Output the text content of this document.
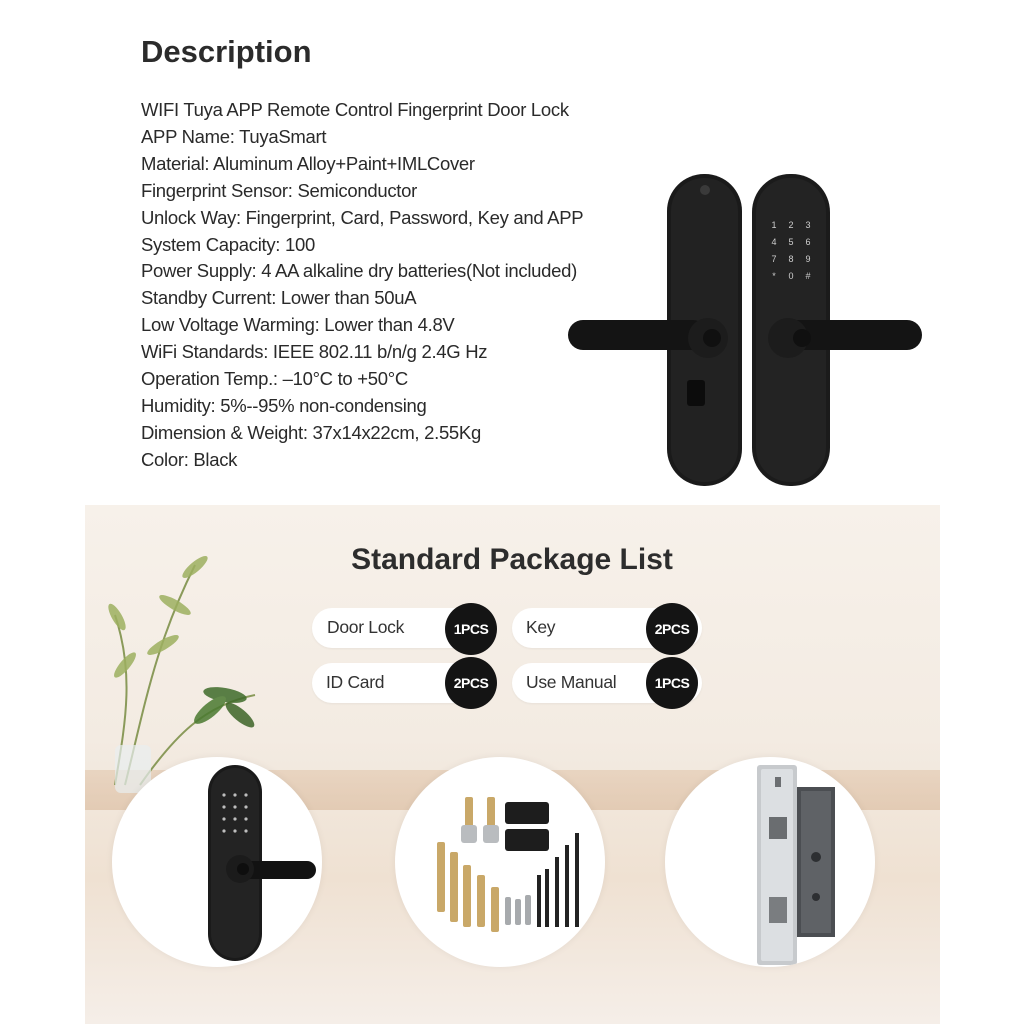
Description
WIFI Tuya APP Remote Control Fingerprint Door Lock
APP Name: TuyaSmart
Material: Aluminum Alloy+Paint+IMLCover
Fingerprint Sensor: Semiconductor
Unlock Way: Fingerprint, Card, Password, Key and APP
System Capacity: 100
Power Supply: 4 AA alkaline dry batteries(Not included)
Standby Current: Lower than 50uA
Low Voltage Warming: Lower than 4.8V
WiFi Standards: IEEE 802.11 b/n/g 2.4G Hz
Operation Temp.: –10°C to +50°C
Humidity: 5%--95% non-condensing
Dimension & Weight: 37x14x22cm, 2.55Kg
Color: Black
1 2 3
4 5 6
7 8 9
* 0 #
Standard Package List
Door Lock	1PCS	Key	2PCS
ID Card	2PCS	Use Manual	1PCS
